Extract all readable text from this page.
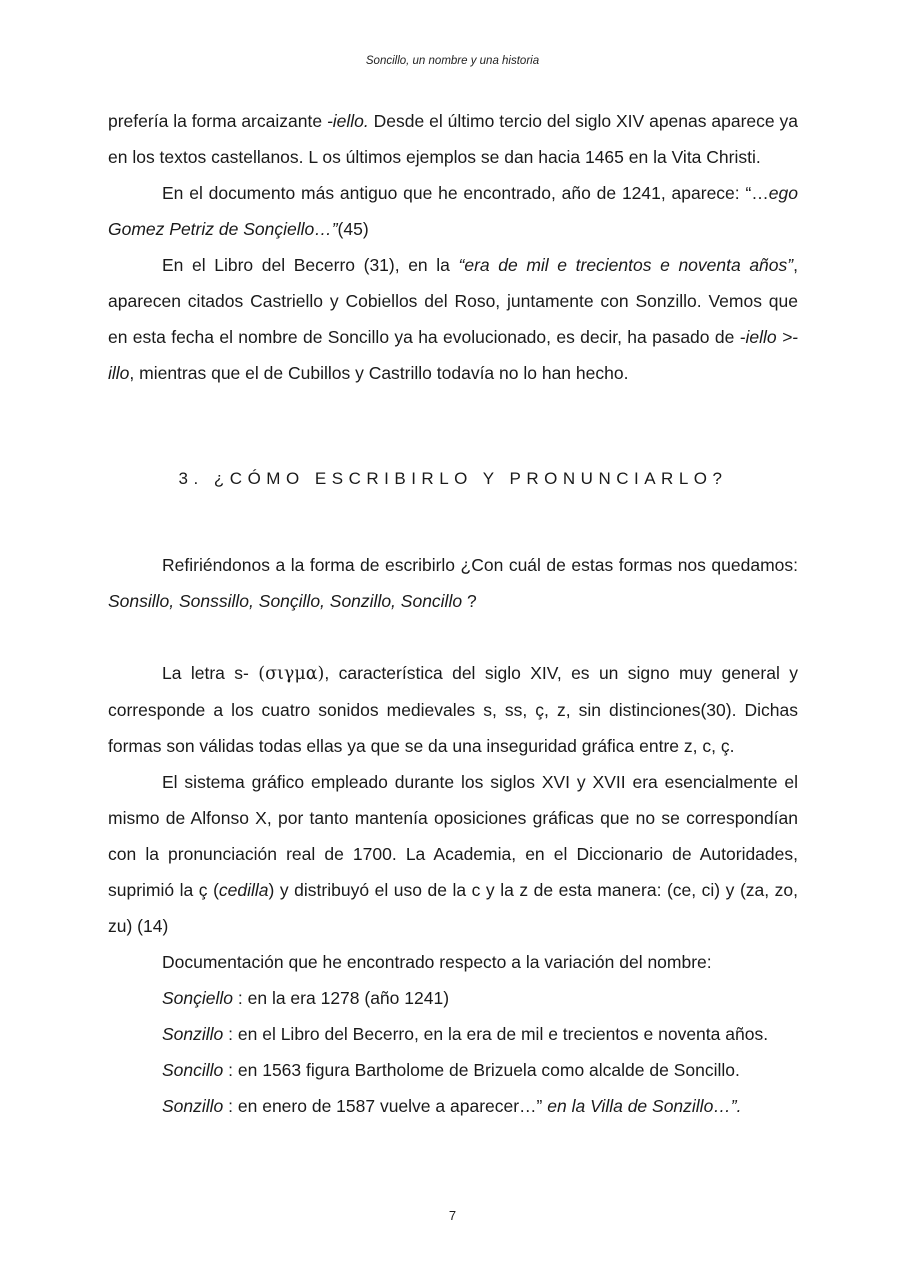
Soncillo, un nombre y una historia

prefería la forma arcaizante -iello. Desde el último tercio del siglo XIV apenas aparece ya en los textos castellanos. L os últimos ejemplos se dan hacia 1465 en la Vita Christi.

En el documento más antiguo que he encontrado, año de 1241, aparece: “…ego Gomez Petriz de Sonçiello…”(45)

En el Libro del Becerro (31), en la “era de mil e trecientos e noventa años”, aparecen citados Castriello y Cobiellos del Roso, juntamente con Sonzillo. Vemos que en esta fecha el nombre de Soncillo ya ha evolucionado, es decir, ha pasado de -iello >-illo, mientras que el de Cubillos y Castrillo todavía no lo han hecho.

3. ¿CÓMO ESCRIBIRLO Y PRONUNCIARLO?

Refiriéndonos a la forma de escribirlo ¿Con cuál de estas formas nos quedamos: Sonsillo, Sonssillo, Sonçillo, Sonzillo, Soncillo ?

La letra s- (σιγμα), característica del siglo XIV, es un signo muy general y corresponde a los cuatro sonidos medievales s, ss, ç, z, sin distinciones(30). Dichas formas son válidas todas ellas ya que se da una inseguridad gráfica entre z, c, ç.

El sistema gráfico empleado durante los siglos XVI y XVII era esencialmente el mismo de Alfonso X, por tanto mantenía oposiciones gráficas que no se correspondían con la pronunciación real de 1700. La Academia, en el Diccionario de Autoridades, suprimió la ç (cedilla) y distribuyó el uso de la c y la z de esta manera: (ce, ci) y (za, zo, zu) (14)

Documentación que he encontrado respecto a la variación del nombre:

Sonçiello : en la era 1278 (año 1241)

Sonzillo : en el Libro del Becerro, en la era de mil e trecientos e noventa años.

Soncillo : en 1563 figura Bartholome de Brizuela como alcalde de Soncillo.

Sonzillo : en enero de 1587 vuelve a aparecer…” en la Villa de Sonzillo…”.

7
